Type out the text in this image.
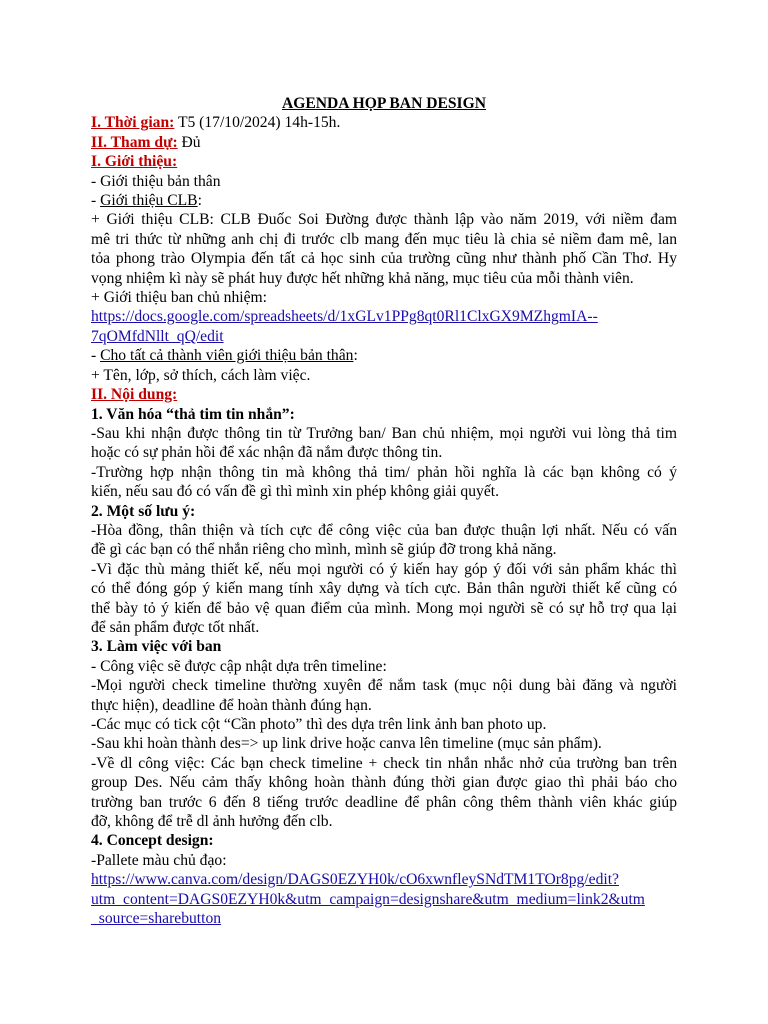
AGENDA HỌP BAN DESIGN

I. Thời gian: T5 (17/10/2024) 14h-15h.

II. Tham dự: Đủ

I. Giới thiệu:

- Giới thiệu bản thân

- Giới thiệu CLB:

+ Giới thiệu CLB: CLB Đuốc Soi Đường được thành lập vào năm 2019, với niềm đam

mê tri thức từ những anh chị đi trước clb mang đến mục tiêu là chia sẻ niềm đam mê, lan

tỏa phong trào Olympia đến tất cả học sinh của trường cũng như thành phố Cần Thơ. Hy

vọng nhiệm kì này sẽ phát huy được hết những khả năng, mục tiêu của mỗi thành viên.

+ Giới thiệu ban chủ nhiệm:

https://docs.google.com/spreadsheets/d/1xGLv1PPg8qt0Rl1ClxGX9MZhgmIA--

7qOMfdNllt_qQ/edit

- Cho tất cả thành viên giới thiệu bản thân:

+ Tên, lớp, sở thích, cách làm việc.

II. Nội dung:

1. Văn hóa “thả tim tin nhắn”:

-Sau khi nhận được thông tin từ Trưởng ban/ Ban chủ nhiệm, mọi người vui lòng thả tim

hoặc có sự phản hồi để xác nhận đã nắm được thông tin.

-Trường hợp nhận thông tin mà không thả tim/ phản hồi nghĩa là các bạn không có ý

kiến, nếu sau đó có vấn đề gì thì mình xin phép không giải quyết.

2. Một số lưu ý:

-Hòa đồng, thân thiện và tích cực để công việc của ban được thuận lợi nhất. Nếu có vấn

đề gì các bạn có thể nhắn riêng cho mình, mình sẽ giúp đỡ trong khả năng.

-Vì đặc thù mảng thiết kế, nếu mọi người có ý kiến hay góp ý đối với sản phẩm khác thì

có thể đóng góp ý kiến mang tính xây dựng và tích cực. Bản thân người thiết kế cũng có

thể bày tỏ ý kiến để bảo vệ quan điểm của mình. Mong mọi người sẽ có sự hỗ trợ qua lại

để sản phẩm được tốt nhất.

3. Làm việc với ban

- Công việc sẽ được cập nhật dựa trên timeline:

-Mọi người check timeline thường xuyên để nắm task (mục nội dung bài đăng và người

thực hiện), deadline để hoàn thành đúng hạn.

-Các mục có tick cột “Cần photo” thì des dựa trên link ảnh ban photo up.

-Sau khi hoàn thành des=> up link drive hoặc canva lên timeline (mục sản phẩm).

-Về dl công việc: Các bạn check timeline + check tin nhắn nhắc nhở của trường ban trên

group Des. Nếu cảm thấy không hoàn thành đúng thời gian được giao thì phải báo cho

trường ban trước 6 đến 8 tiếng trước deadline để phân công thêm thành viên khác giúp

đỡ, không để trễ dl ảnh hưởng đến clb.

4. Concept design:

-Pallete màu chủ đạo:

https://www.canva.com/design/DAGS0EZYH0k/cO6xwnfleySNdTM1TOr8pg/edit?

utm_content=DAGS0EZYH0k&utm_campaign=designshare&utm_medium=link2&utm

_source=sharebutton
